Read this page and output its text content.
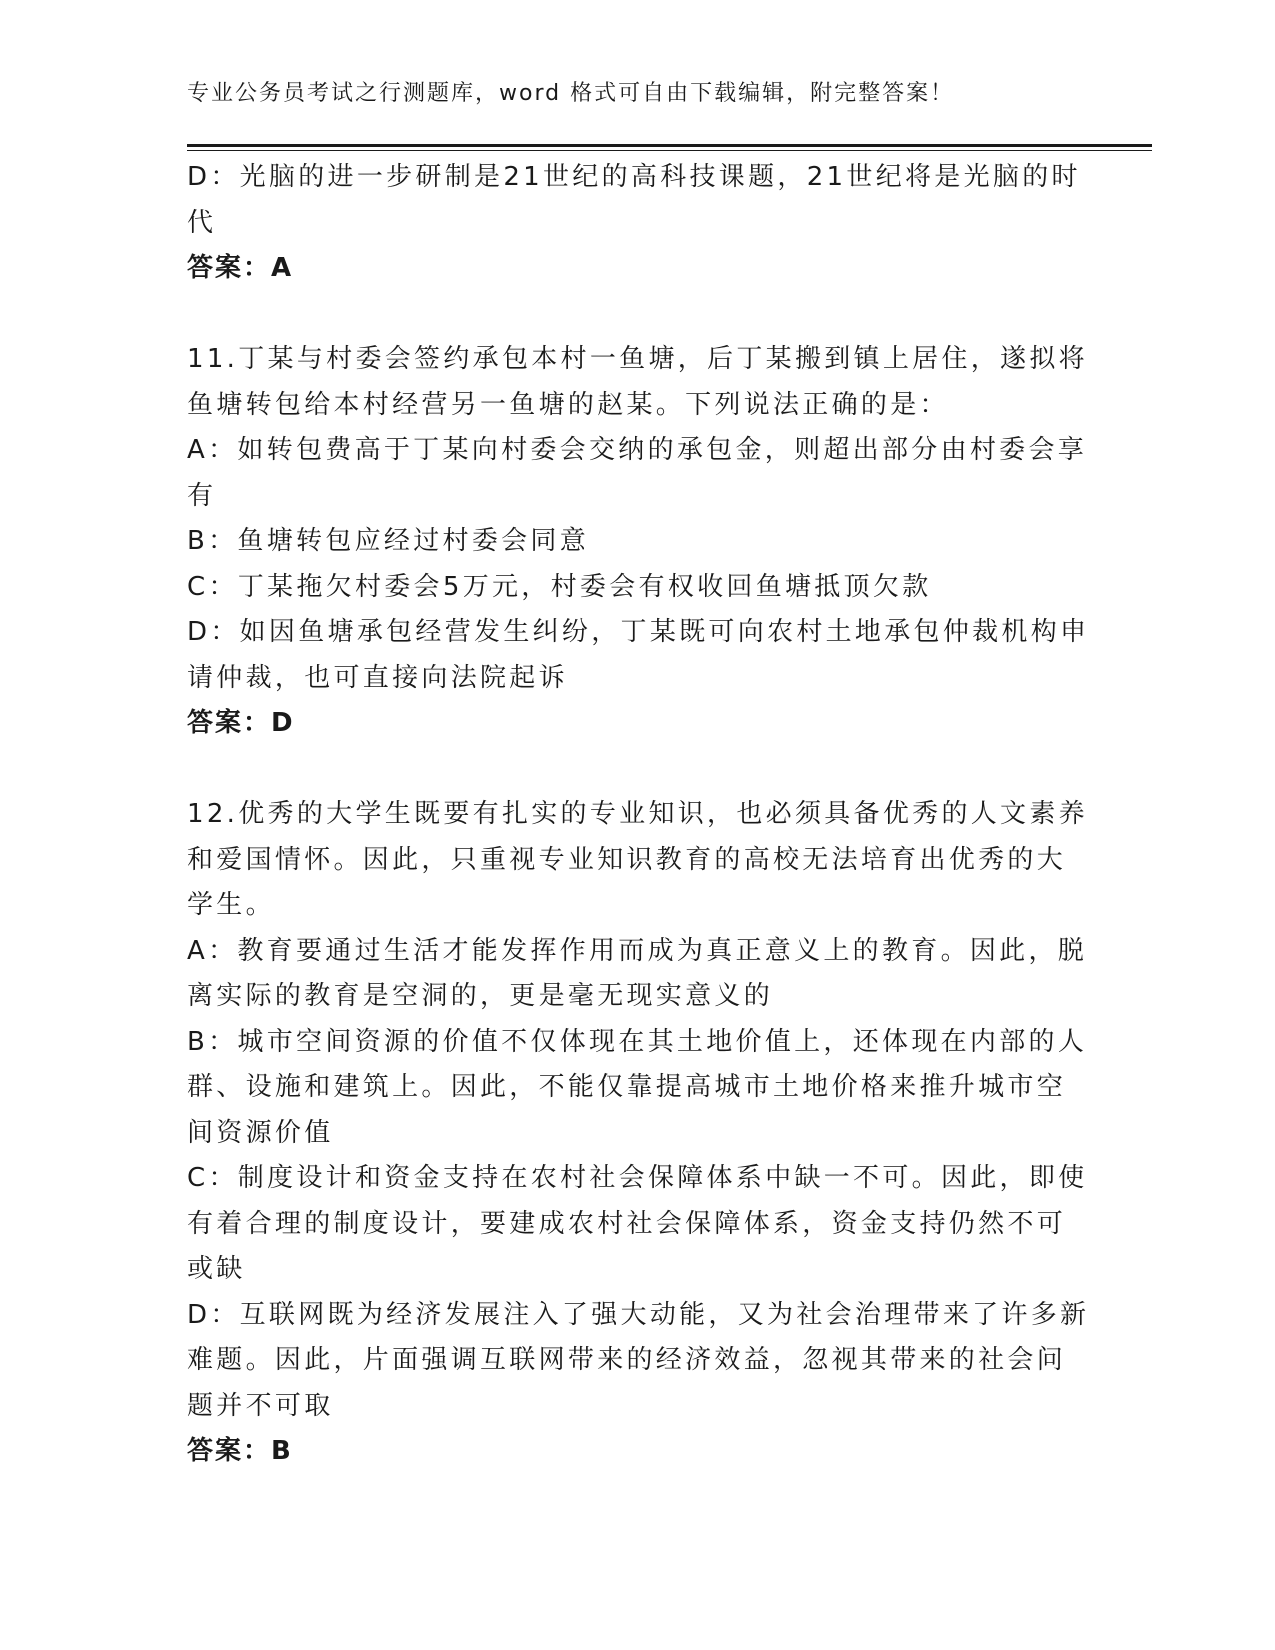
专业公务员考试之行测题库，word 格式可自由下载编辑，附完整答案！
D：光脑的进一步研制是21世纪的高科技课题，21世纪将是光脑的时
代
答案：A
11.丁某与村委会签约承包本村一鱼塘，后丁某搬到镇上居住，遂拟将
鱼塘转包给本村经营另一鱼塘的赵某。下列说法正确的是：
A：如转包费高于丁某向村委会交纳的承包金，则超出部分由村委会享
有
B：鱼塘转包应经过村委会同意
C：丁某拖欠村委会5万元，村委会有权收回鱼塘抵顶欠款
D：如因鱼塘承包经营发生纠纷，丁某既可向农村土地承包仲裁机构申
请仲裁，也可直接向法院起诉
答案：D
12.优秀的大学生既要有扎实的专业知识，也必须具备优秀的人文素养
和爱国情怀。因此，只重视专业知识教育的高校无法培育出优秀的大
学生。
A：教育要通过生活才能发挥作用而成为真正意义上的教育。因此，脱
离实际的教育是空洞的，更是毫无现实意义的
B：城市空间资源的价值不仅体现在其土地价值上，还体现在内部的人
群、设施和建筑上。因此，不能仅靠提高城市土地价格来推升城市空
间资源价值
C：制度设计和资金支持在农村社会保障体系中缺一不可。因此，即使
有着合理的制度设计，要建成农村社会保障体系，资金支持仍然不可
或缺
D：互联网既为经济发展注入了强大动能，又为社会治理带来了许多新
难题。因此，片面强调互联网带来的经济效益，忽视其带来的社会问
题并不可取
答案：B
